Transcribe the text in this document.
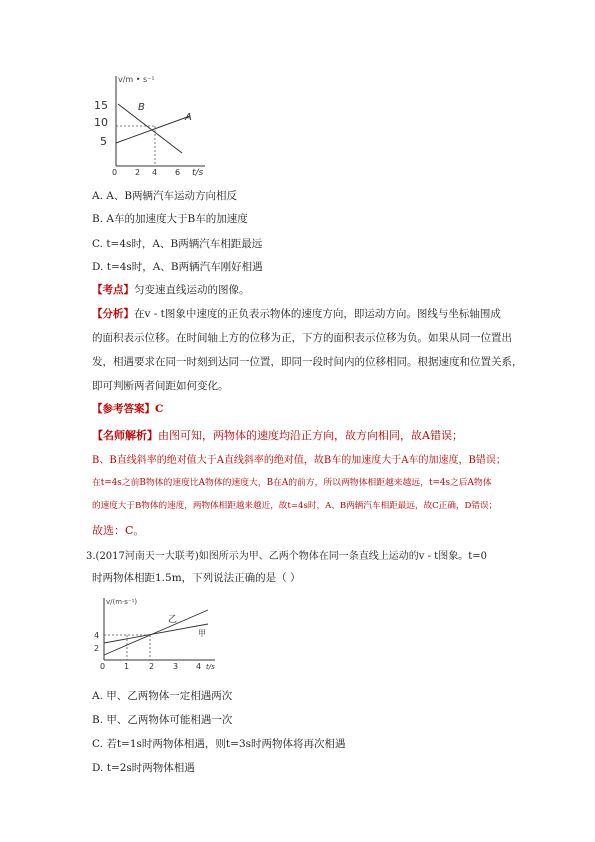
v/m • s⁻¹
15
10
5
0 2 4 6 t/s
B
A
A. A、B两辆汽车运动方向相反
B. A车的加速度大于B车的加速度
C. t=4s时，A、B两辆汽车相距最远
D. t=4s时，A、B两辆汽车刚好相遇
【考点】匀变速直线运动的图像。
【分析】在v - t图象中速度的正负表示物体的速度方向，即运动方向。图线与坐标轴围成
的面积表示位移。在时间轴上方的位移为正，下方的面积表示位移为负。如果从同一位置出
发，相遇要求在同一时刻到达同一位置，即同一段时间内的位移相同。根据速度和位置关系，
即可判断两者间距如何变化。
【参考答案】C
【名师解析】由图可知，两物体的速度均沿正方向，故方向相同，故A错误；
B、B直线斜率的绝对值大于A直线斜率的绝对值，故B车的加速度大于A车的加速度，B错误；
在t=4s之前B物体的速度比A物体的速度大，B在A的前方，所以两物体相距越来越远，t=4s之后A物体
的速度大于B物体的速度，两物体相距越来越近，故t=4s时，A、B两辆汽车相距最远，故C正确，D错误；
故选：C。
3.(2017河南天一大联考)如图所示为甲、乙两个物体在同一条直线上运动的v - t图象。t=0
时两物体相距1.5m，下列说法正确的是（ ）
v/(m·s⁻¹)
4
2
0 1 2 3 4 t/s
乙
甲
A. 甲、乙两物体一定相遇两次
B. 甲、乙两物体可能相遇一次
C. 若t=1s时两物体相遇，则t=3s时两物体将再次相遇
D. t=2s时两物体相遇
